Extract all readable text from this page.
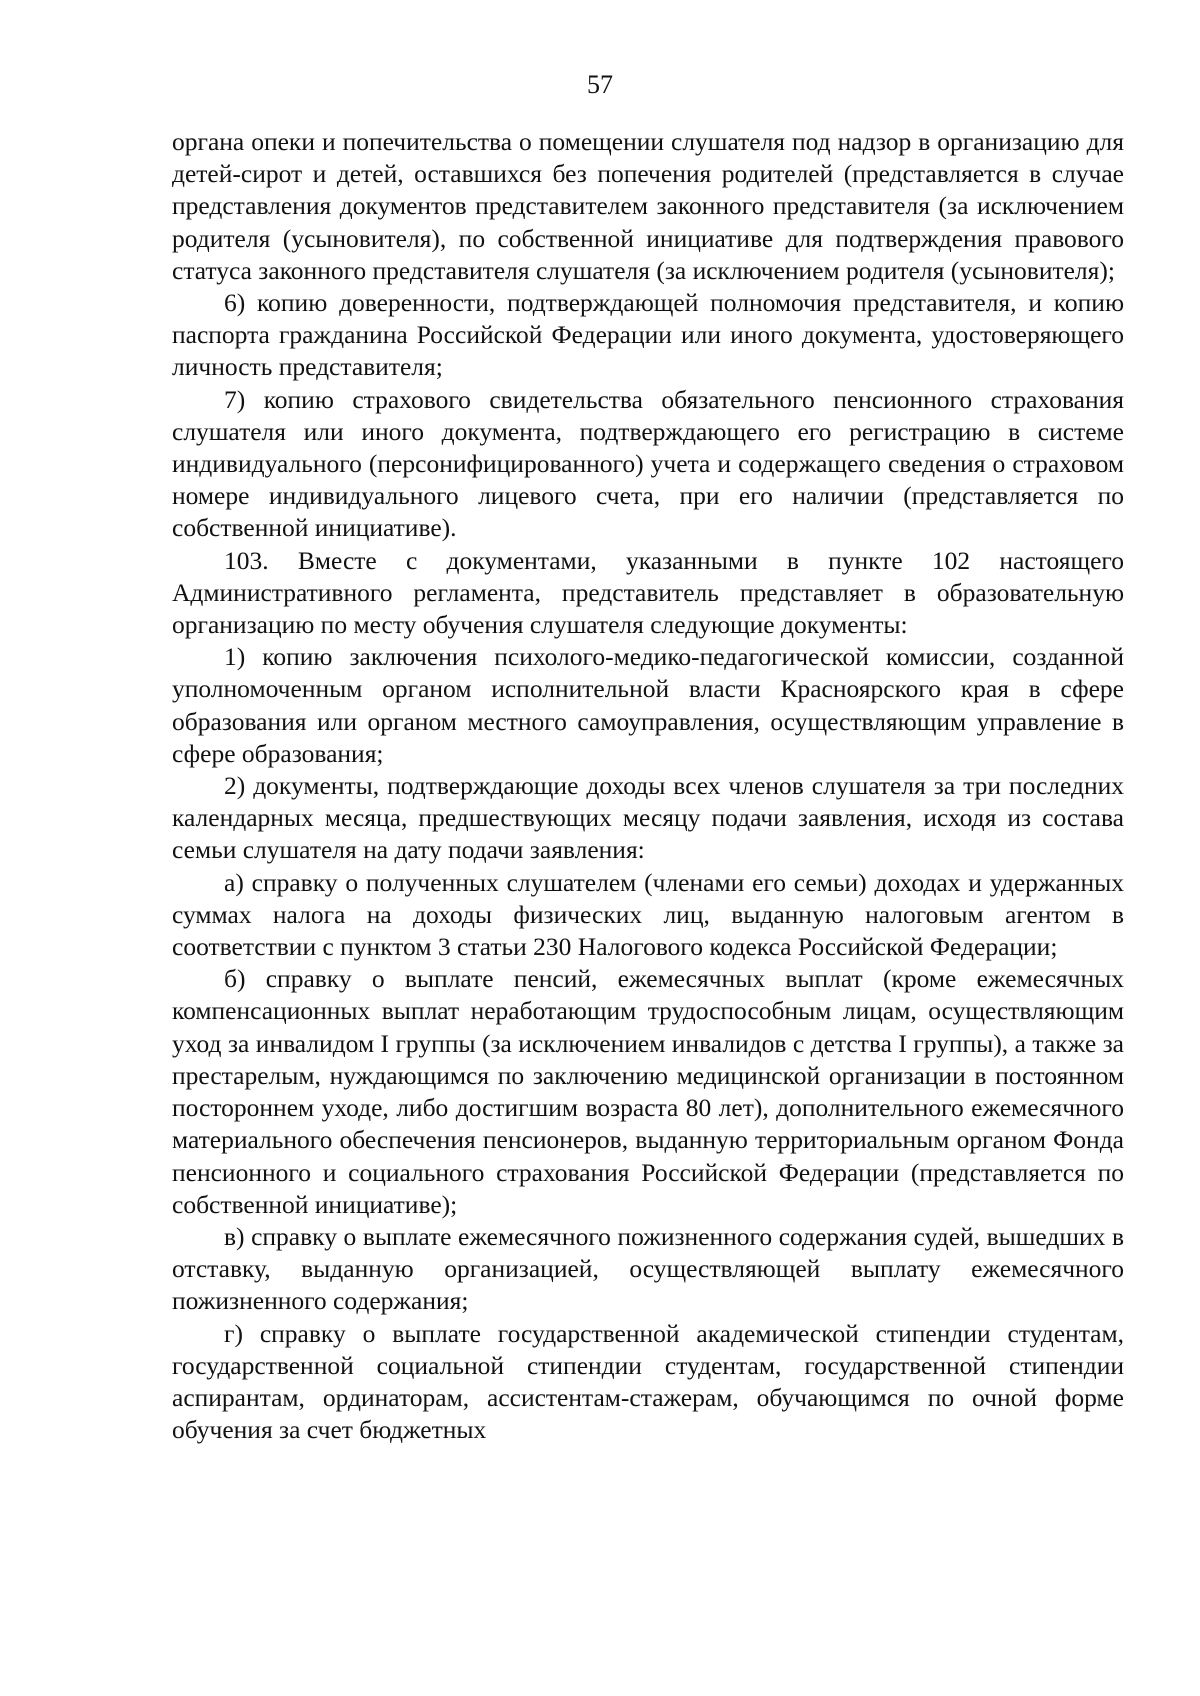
57

органа опеки и попечительства о помещении слушателя под надзор в организацию для детей-сирот и детей, оставшихся без попечения родителей (представляется в случае представления документов представителем законного представителя (за исключением родителя (усыновителя), по собственной инициативе для подтверждения правового статуса законного представителя слушателя (за исключением родителя (усыновителя);

6) копию доверенности, подтверждающей полномочия представителя, и копию паспорта гражданина Российской Федерации или иного документа, удостоверяющего личность представителя;

7) копию страхового свидетельства обязательного пенсионного страхования слушателя или иного документа, подтверждающего его регистрацию в системе индивидуального (персонифицированного) учета и содержащего сведения о страховом номере индивидуального лицевого счета, при его наличии (представляется по собственной инициативе).

103. Вместе с документами, указанными в пункте 102 настоящего Административного регламента, представитель представляет в образовательную организацию по месту обучения слушателя следующие документы:

1) копию заключения психолого-медико-педагогической комиссии, созданной уполномоченным органом исполнительной власти Красноярского края в сфере образования или органом местного самоуправления, осуществляющим управление в сфере образования;

2) документы, подтверждающие доходы всех членов слушателя за три последних календарных месяца, предшествующих месяцу подачи заявления, исходя из состава семьи слушателя на дату подачи заявления:

а) справку о полученных слушателем (членами его семьи) доходах и удержанных суммах налога на доходы физических лиц, выданную налоговым агентом в соответствии с пунктом 3 статьи 230 Налогового кодекса Российской Федерации;

б) справку о выплате пенсий, ежемесячных выплат (кроме ежемесячных компенсационных выплат неработающим трудоспособным лицам, осуществляющим уход за инвалидом I группы (за исключением инвалидов с детства I группы), а также за престарелым, нуждающимся по заключению медицинской организации в постоянном постороннем уходе, либо достигшим возраста 80 лет), дополнительного ежемесячного материального обеспечения пенсионеров, выданную территориальным органом Фонда пенсионного и социального страхования Российской Федерации (представляется по собственной инициативе);

в) справку о выплате ежемесячного пожизненного содержания судей, вышедших в отставку, выданную организацией, осуществляющей выплату ежемесячного пожизненного содержания;

г) справку о выплате государственной академической стипендии студентам, государственной социальной стипендии студентам, государственной стипендии аспирантам, ординаторам, ассистентам-стажерам, обучающимся по очной форме обучения за счет бюджетных
